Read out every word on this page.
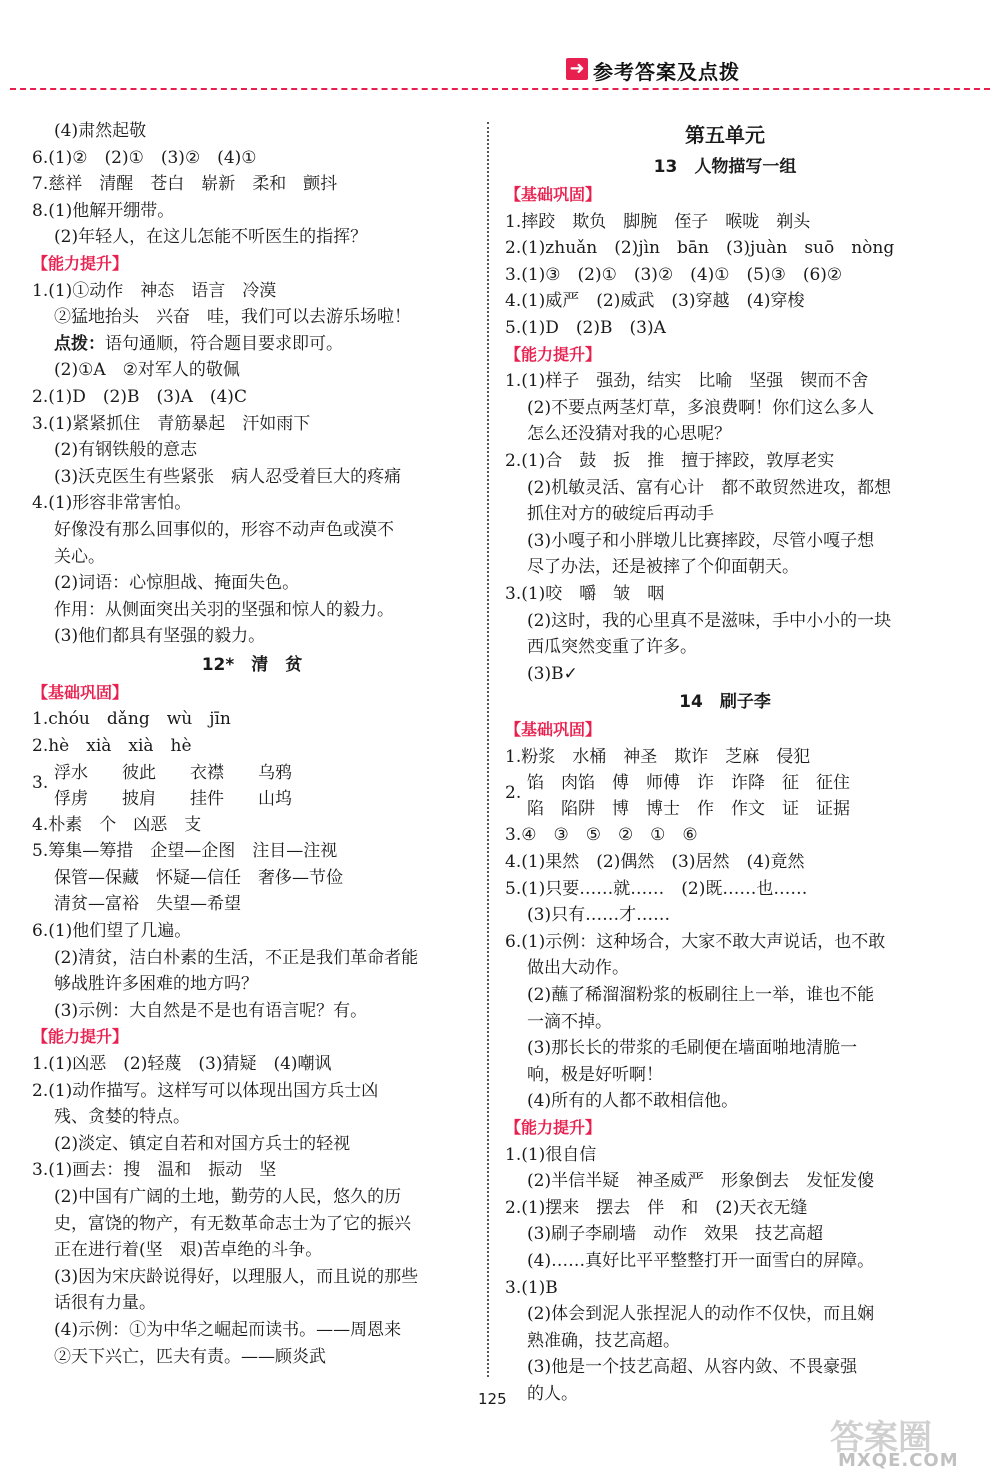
➜ 参考答案及点拨
(4)肃然起敬
6.(1)②　(2)①　(3)②　(4)①
7.慈祥　清醒　苍白　崭新　柔和　颤抖
8.(1)他解开绷带。
(2)年轻人，在这儿怎能不听医生的指挥？
【能力提升】
1.(1)①动作　神态　语言　冷漠
②猛地抬头　兴奋　哇，我们可以去游乐场啦！
点拨：语句通顺，符合题目要求即可。
(2)①A　②对军人的敬佩
2.(1)D　(2)B　(3)A　(4)C
3.(1)紧紧抓住　青筋暴起　汗如雨下
(2)有钢铁般的意志
(3)沃克医生有些紧张　病人忍受着巨大的疼痛
4.(1)形容非常害怕。
好像没有那么回事似的，形容不动声色或漠不
关心。
(2)词语：心惊胆战、掩面失色。
作用：从侧面突出关羽的坚强和惊人的毅力。
(3)他们都具有坚强的毅力。
12*　清　贫
【基础巩固】
1.chóu　dǎng　wù　jīn
2.hè　xià　xià　hè
3. 浮水　　彼此　　衣襟　　乌鸦
俘虏　　披肩　　挂件　　山坞
4.朴素　个　凶恶　支
5.筹集—筹措　企望—企图　注目—注视
保管—保藏　怀疑—信任　奢侈—节俭
清贫—富裕　失望—希望
6.(1)他们望了几遍。
(2)清贫，洁白朴素的生活，不正是我们革命者能
够战胜许多困难的地方吗？
(3)示例：大自然是不是也有语言呢？有。
【能力提升】
1.(1)凶恶　(2)轻蔑　(3)猜疑　(4)嘲讽
2.(1)动作描写。这样写可以体现出国方兵士凶
残、贪婪的特点。
(2)淡定、镇定自若和对国方兵士的轻视
3.(1)画去：搜　温和　振动　坚
(2)中国有广阔的土地，勤劳的人民，悠久的历
史，富饶的物产，有无数革命志士为了它的振兴
正在进行着(坚　艰)苦卓绝的斗争。
(3)因为宋庆龄说得好，以理服人，而且说的那些
话很有力量。
(4)示例：①为中华之崛起而读书。——周恩来
②天下兴亡，匹夫有责。——顾炎武
第五单元
13　人物描写一组
【基础巩固】
1.摔跤　欺负　脚腕　侄子　喉咙　剃头
2.(1)zhuǎn　(2)jìn　bān　(3)juàn　suō　nòng
3.(1)③　(2)①　(3)②　(4)①　(5)③　(6)②
4.(1)威严　(2)威武　(3)穿越　(4)穿梭
5.(1)D　(2)B　(3)A
【能力提升】
1.(1)样子　强劲，结实　比喻　坚强　锲而不舍
(2)不要点两茎灯草，多浪费啊！你们这么多人
怎么还没猜对我的心思呢？
2.(1)合　鼓　扳　推　擅于摔跤，敦厚老实
(2)机敏灵活、富有心计　都不敢贸然进攻，都想
抓住对方的破绽后再动手
(3)小嘎子和小胖墩儿比赛摔跤，尽管小嘎子想
尽了办法，还是被摔了个仰面朝天。
3.(1)咬　嚼　皱　咽
(2)这时，我的心里真不是滋味，手中小小的一块
西瓜突然变重了许多。
(3)B✓
14　刷子李
【基础巩固】
1.粉浆　水桶　神圣　欺诈　芝麻　侵犯
2. 馅　肉馅　傅　师傅　诈　诈降　征　征住
陷　陷阱　博　博士　作　作文　证　证据
3.④　③　⑤　②　①　⑥
4.(1)果然　(2)偶然　(3)居然　(4)竟然
5.(1)只要……就……　(2)既……也……
(3)只有……才……
6.(1)示例：这种场合，大家不敢大声说话，也不敢
做出大动作。
(2)蘸了稀溜溜粉浆的板刷往上一举，谁也不能
一滴不掉。
(3)那长长的带浆的毛刷便在墙面啪地清脆一
响，极是好听啊！
(4)所有的人都不敢相信他。
【能力提升】
1.(1)很自信
(2)半信半疑　神圣威严　形象倒去　发怔发傻
2.(1)摆来　摆去　伴　和　(2)天衣无缝
(3)刷子李刷墙　动作　效果　技艺高超
(4)……真好比平平整整打开一面雪白的屏障。
3.(1)B
(2)体会到泥人张捏泥人的动作不仅快，而且娴
熟准确，技艺高超。
(3)他是一个技艺高超、从容内敛、不畏豪强
的人。
125
答案圈
MXQE.COM
